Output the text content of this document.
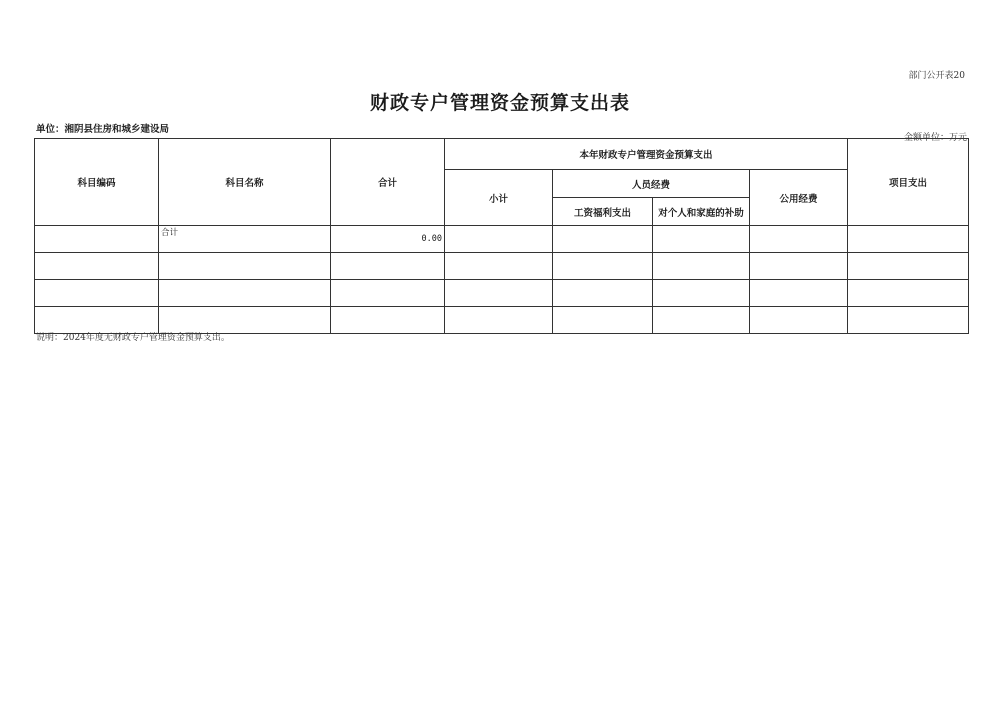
部门公开表20
财政专户管理资金预算支出表
单位：湘阴县住房和城乡建设局
金额单位：万元
科目编码	科目名称	合计	本年财政专户管理资金预算支出				项目支出
			小计	人员经费		公用经费	
				工资福利支出	对个人和家庭的补助		
	合计	0.00					

说明：2024年度无财政专户管理资金预算支出。
